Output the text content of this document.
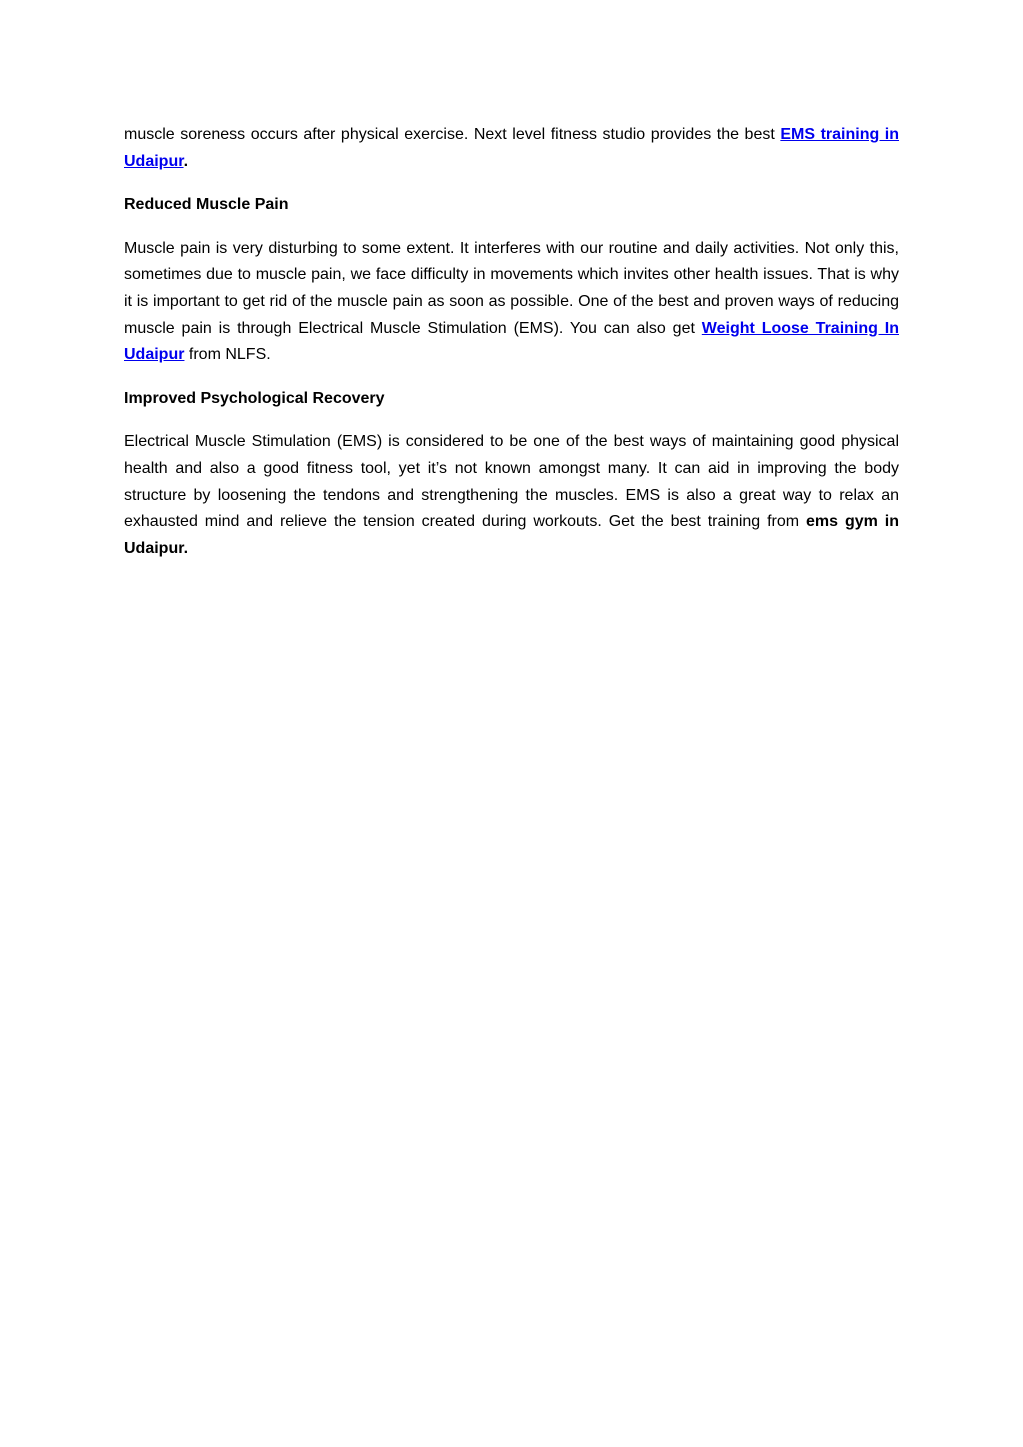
muscle soreness occurs after physical exercise. Next level fitness studio provides the best EMS training in Udaipur.

Reduced Muscle Pain

Muscle pain is very disturbing to some extent. It interferes with our routine and daily activities. Not only this, sometimes due to muscle pain, we face difficulty in movements which invites other health issues. That is why it is important to get rid of the muscle pain as soon as possible. One of the best and proven ways of reducing muscle pain is through Electrical Muscle Stimulation (EMS). You can also get Weight Loose Training In Udaipur from NLFS.

Improved Psychological Recovery

Electrical Muscle Stimulation (EMS) is considered to be one of the best ways of maintaining good physical health and also a good fitness tool, yet it’s not known amongst many. It can aid in improving the body structure by loosening the tendons and strengthening the muscles. EMS is also a great way to relax an exhausted mind and relieve the tension created during workouts. Get the best training from ems gym in Udaipur.
